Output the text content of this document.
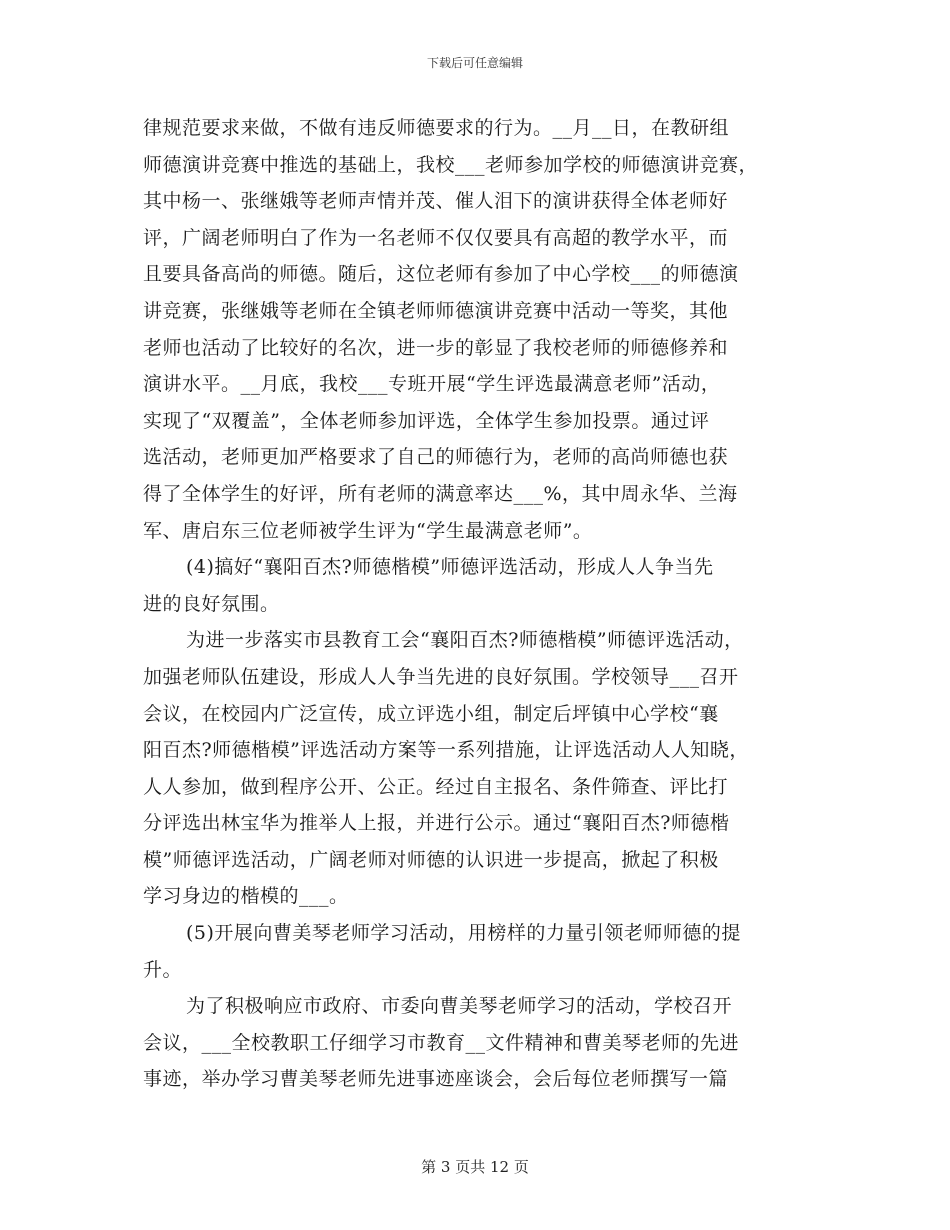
下载后可任意编辑
律规范要求来做，不做有违反师德要求的行为。__月__日，在教研组
师德演讲竞赛中推选的基础上，我校___老师参加学校的师德演讲竞赛，
其中杨一、张继娥等老师声情并茂、催人泪下的演讲获得全体老师好
评，广阔老师明白了作为一名老师不仅仅要具有高超的教学水平，而
且要具备高尚的师德。随后，这位老师有参加了中心学校___的师德演
讲竞赛，张继娥等老师在全镇老师师德演讲竞赛中活动一等奖，其他
老师也活动了比较好的名次，进一步的彰显了我校老师的师德修养和
演讲水平。__月底，我校___专班开展“学生评选最满意老师”活动，
实现了“双覆盖”，全体老师参加评选，全体学生参加投票。通过评
选活动，老师更加严格要求了自己的师德行为，老师的高尚师德也获
得了全体学生的好评，所有老师的满意率达___%，其中周永华、兰海
军、唐启东三位老师被学生评为“学生最满意老师”。
(4)搞好“襄阳百杰?师德楷模”师德评选活动，形成人人争当先
进的良好氛围。
为进一步落实市县教育工会“襄阳百杰?师德楷模”师德评选活动，
加强老师队伍建设，形成人人争当先进的良好氛围。学校领导___召开
会议，在校园内广泛宣传，成立评选小组，制定后坪镇中心学校“襄
阳百杰?师德楷模”评选活动方案等一系列措施，让评选活动人人知晓，
人人参加，做到程序公开、公正。经过自主报名、条件筛查、评比打
分评选出林宝华为推举人上报，并进行公示。通过“襄阳百杰?师德楷
模”师德评选活动，广阔老师对师德的认识进一步提高，掀起了积极
学习身边的楷模的___。
(5)开展向曹美琴老师学习活动，用榜样的力量引领老师师德的提
升。
为了积极响应市政府、市委向曹美琴老师学习的活动，学校召开
会议，___全校教职工仔细学习市教育__文件精神和曹美琴老师的先进
事迹，举办学习曹美琴老师先进事迹座谈会，会后每位老师撰写一篇
第 3 页共 12 页
